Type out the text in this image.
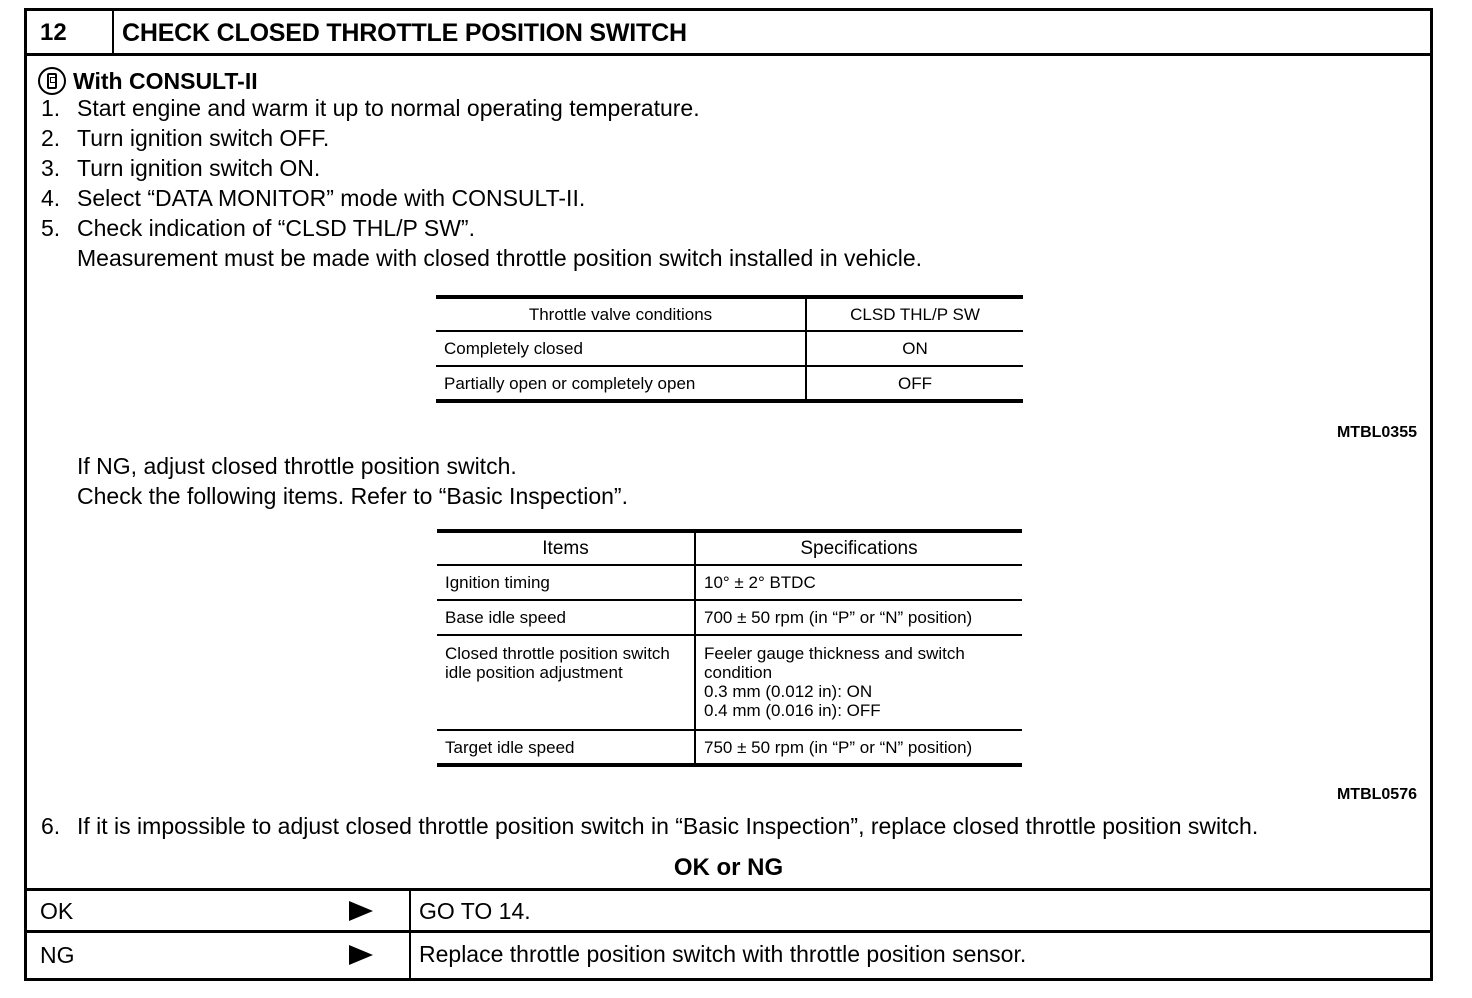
12	CHECK CLOSED THROTTLE POSITION SWITCH
With CONSULT-II
1. Start engine and warm it up to normal operating temperature.
2. Turn ignition switch OFF.
3. Turn ignition switch ON.
4. Select “DATA MONITOR” mode with CONSULT-II.
5. Check indication of “CLSD THL/P SW”.
Measurement must be made with closed throttle position switch installed in vehicle.
Throttle valve conditions	CLSD THL/P SW
Completely closed	ON
Partially open or completely open	OFF
MTBL0355
If NG, adjust closed throttle position switch.
Check the following items. Refer to “Basic Inspection”.
Items	Specifications
Ignition timing	10° ± 2° BTDC
Base idle speed	700 ± 50 rpm (in “P” or “N” position)
Closed throttle position switch idle position adjustment	Feeler gauge thickness and switch condition
0.3 mm (0.012 in): ON
0.4 mm (0.016 in): OFF

Target idle speed	750 ± 50 rpm (in “P” or “N” position)
MTBL0576
6. If it is impossible to adjust closed throttle position switch in “Basic Inspection”, replace closed throttle position switch.
OK or NG
OK	GO TO 14.
NG	Replace throttle position switch with throttle position sensor.
